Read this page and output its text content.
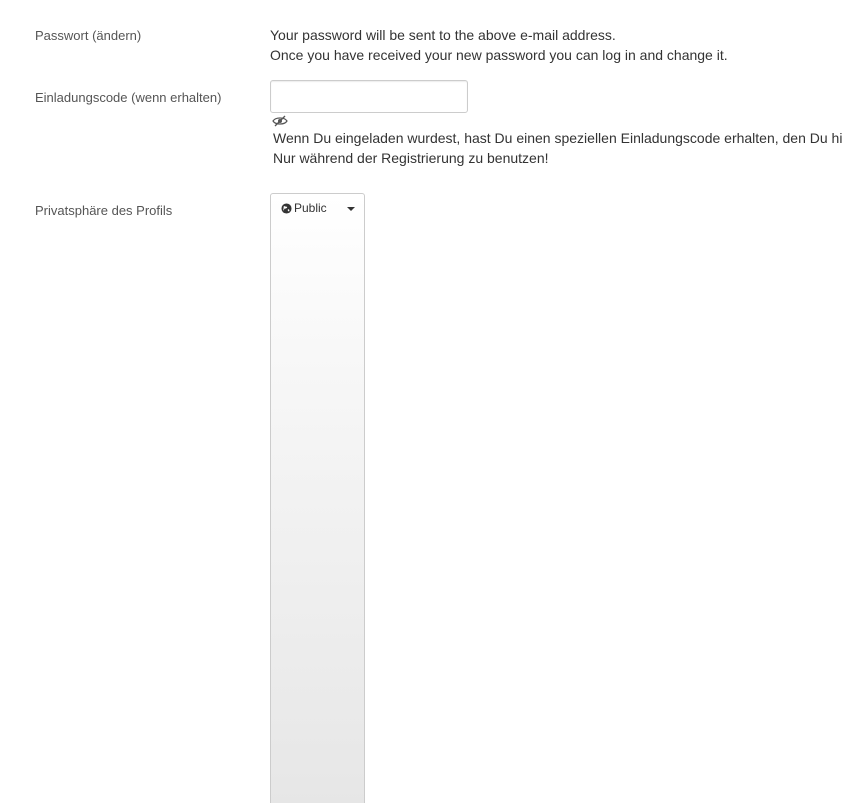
Passwort (ändern)	Your password will be sent to the above e-mail address.
Once you have received your new password you can log in and change it.
Einladungscode (wenn erhalten)
Wenn Du eingeladen wurdest, hast Du einen speziellen Einladungscode erhalten, den Du hi
Nur während der Registrierung zu benutzen!
Privatsphäre des Profils	Public
